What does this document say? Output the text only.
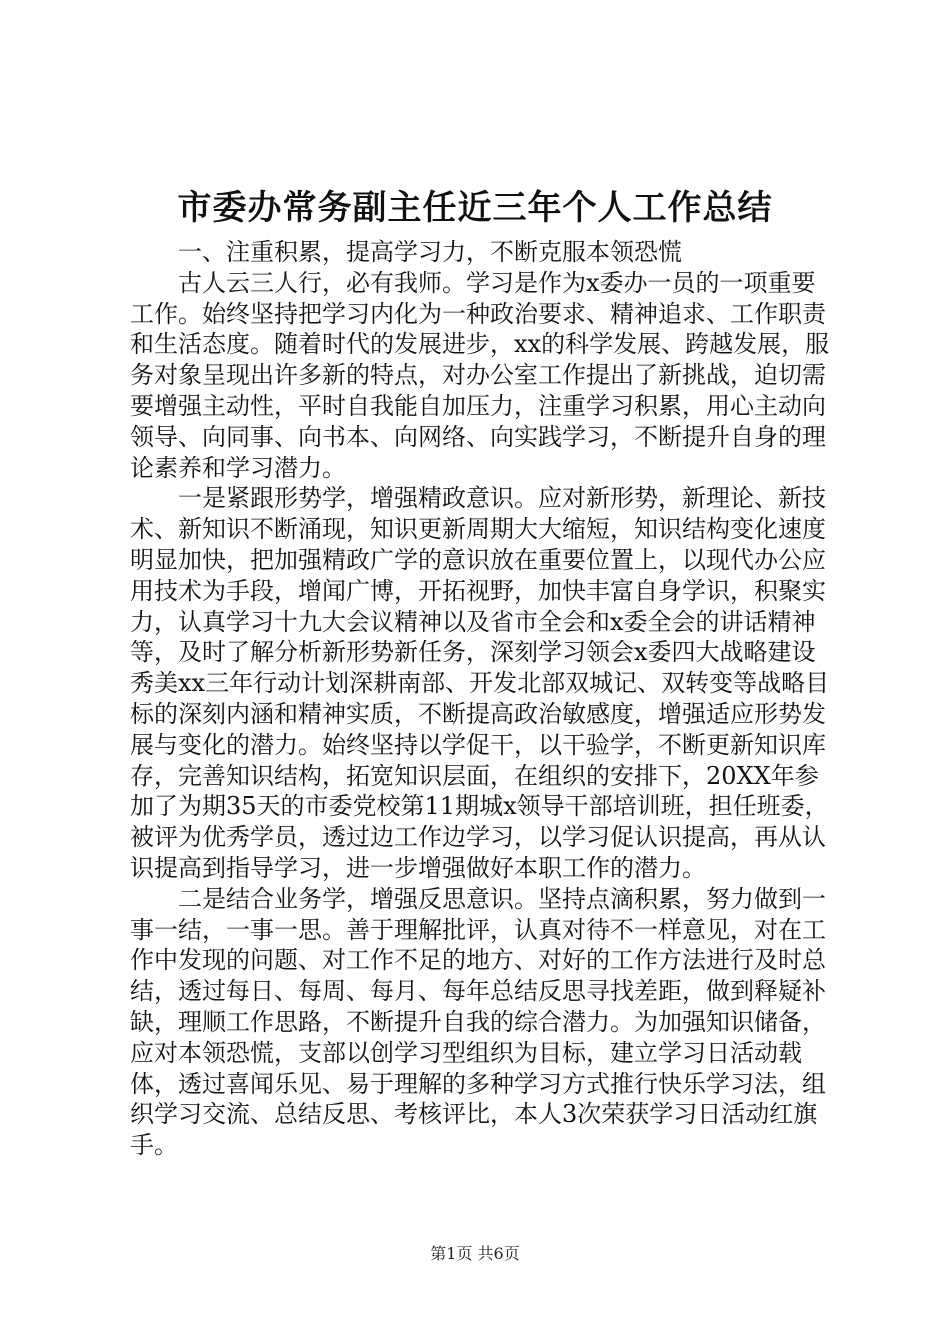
市委办常务副主任近三年个人工作总结

一、注重积累，提高学习力，不断克服本领恐慌

古人云三人行，必有我师。学习是作为x委办一员的一项重要工作。始终坚持把学习内化为一种政治要求、精神追求、工作职责和生活态度。随着时代的发展进步，xx的科学发展、跨越发展，服务对象呈现出许多新的特点，对办公室工作提出了新挑战，迫切需要增强主动性，平时自我能自加压力，注重学习积累，用心主动向领导、向同事、向书本、向网络、向实践学习，不断提升自身的理论素养和学习潜力。

一是紧跟形势学，增强精政意识。应对新形势，新理论、新技术、新知识不断涌现，知识更新周期大大缩短，知识结构变化速度明显加快，把加强精政广学的意识放在重要位置上，以现代办公应用技术为手段，增闻广博，开拓视野，加快丰富自身学识，积聚实力，认真学习十九大会议精神以及省市全会和x委全会的讲话精神等，及时了解分析新形势新任务，深刻学习领会x委四大战略建设秀美xx三年行动计划深耕南部、开发北部双城记、双转变等战略目标的深刻内涵和精神实质，不断提高政治敏感度，增强适应形势发展与变化的潜力。始终坚持以学促干，以干验学，不断更新知识库存，完善知识结构，拓宽知识层面，在组织的安排下，20XX年参加了为期35天的市委党校第11期城x领导干部培训班，担任班委，被评为优秀学员，透过边工作边学习，以学习促认识提高，再从认识提高到指导学习，进一步增强做好本职工作的潜力。

二是结合业务学，增强反思意识。坚持点滴积累，努力做到一事一结，一事一思。善于理解批评，认真对待不一样意见，对在工作中发现的问题、对工作不足的地方、对好的工作方法进行及时总结，透过每日、每周、每月、每年总结反思寻找差距，做到释疑补缺，理顺工作思路，不断提升自我的综合潜力。为加强知识储备，应对本领恐慌，支部以创学习型组织为目标，建立学习日活动载体，透过喜闻乐见、易于理解的多种学习方式推行快乐学习法，组织学习交流、总结反思、考核评比，本人3次荣获学习日活动红旗手。

第1页 共6页
